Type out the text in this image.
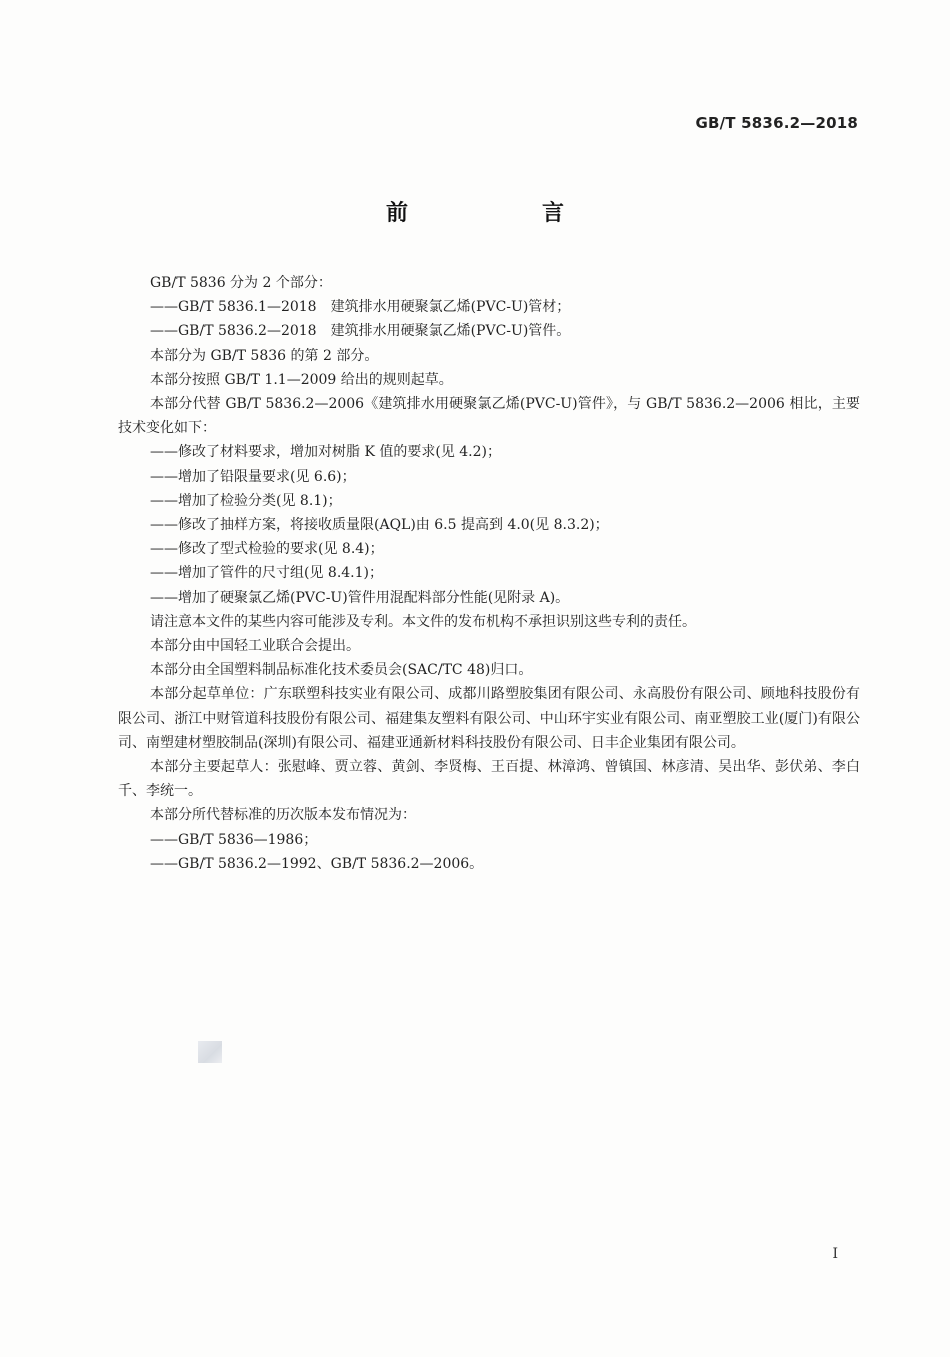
GB/T 5836.2—2018
前　言

GB/T 5836 分为 2 个部分：

——GB/T 5836.1—2018　建筑排水用硬聚氯乙烯(PVC-U)管材；

——GB/T 5836.2—2018　建筑排水用硬聚氯乙烯(PVC-U)管件。

本部分为 GB/T 5836 的第 2 部分。

本部分按照 GB/T 1.1—2009 给出的规则起草。

本部分代替 GB/T 5836.2—2006《建筑排水用硬聚氯乙烯(PVC-U)管件》，与 GB/T 5836.2—2006 相比，主要技术变化如下：

——修改了材料要求，增加对树脂 K 值的要求(见 4.2)；

——增加了铅限量要求(见 6.6)；

——增加了检验分类(见 8.1)；

——修改了抽样方案，将接收质量限(AQL)由 6.5 提高到 4.0(见 8.3.2)；

——修改了型式检验的要求(见 8.4)；

——增加了管件的尺寸组(见 8.4.1)；

——增加了硬聚氯乙烯(PVC-U)管件用混配料部分性能(见附录 A)。

请注意本文件的某些内容可能涉及专利。本文件的发布机构不承担识别这些专利的责任。

本部分由中国轻工业联合会提出。

本部分由全国塑料制品标准化技术委员会(SAC/TC 48)归口。

本部分起草单位：广东联塑科技实业有限公司、成都川路塑胶集团有限公司、永高股份有限公司、顾地科技股份有限公司、浙江中财管道科技股份有限公司、福建集友塑料有限公司、中山环宇实业有限公司、南亚塑胶工业(厦门)有限公司、南塑建材塑胶制品(深圳)有限公司、福建亚通新材料科技股份有限公司、日丰企业集团有限公司。

本部分主要起草人：张慰峰、贾立蓉、黄剑、李贤梅、王百提、林漳鸿、曾镇国、林彦清、吴出华、彭伏弟、李白千、李统一。

本部分所代替标准的历次版本发布情况为：

——GB/T 5836—1986；

——GB/T 5836.2—1992、GB/T 5836.2—2006。

I
